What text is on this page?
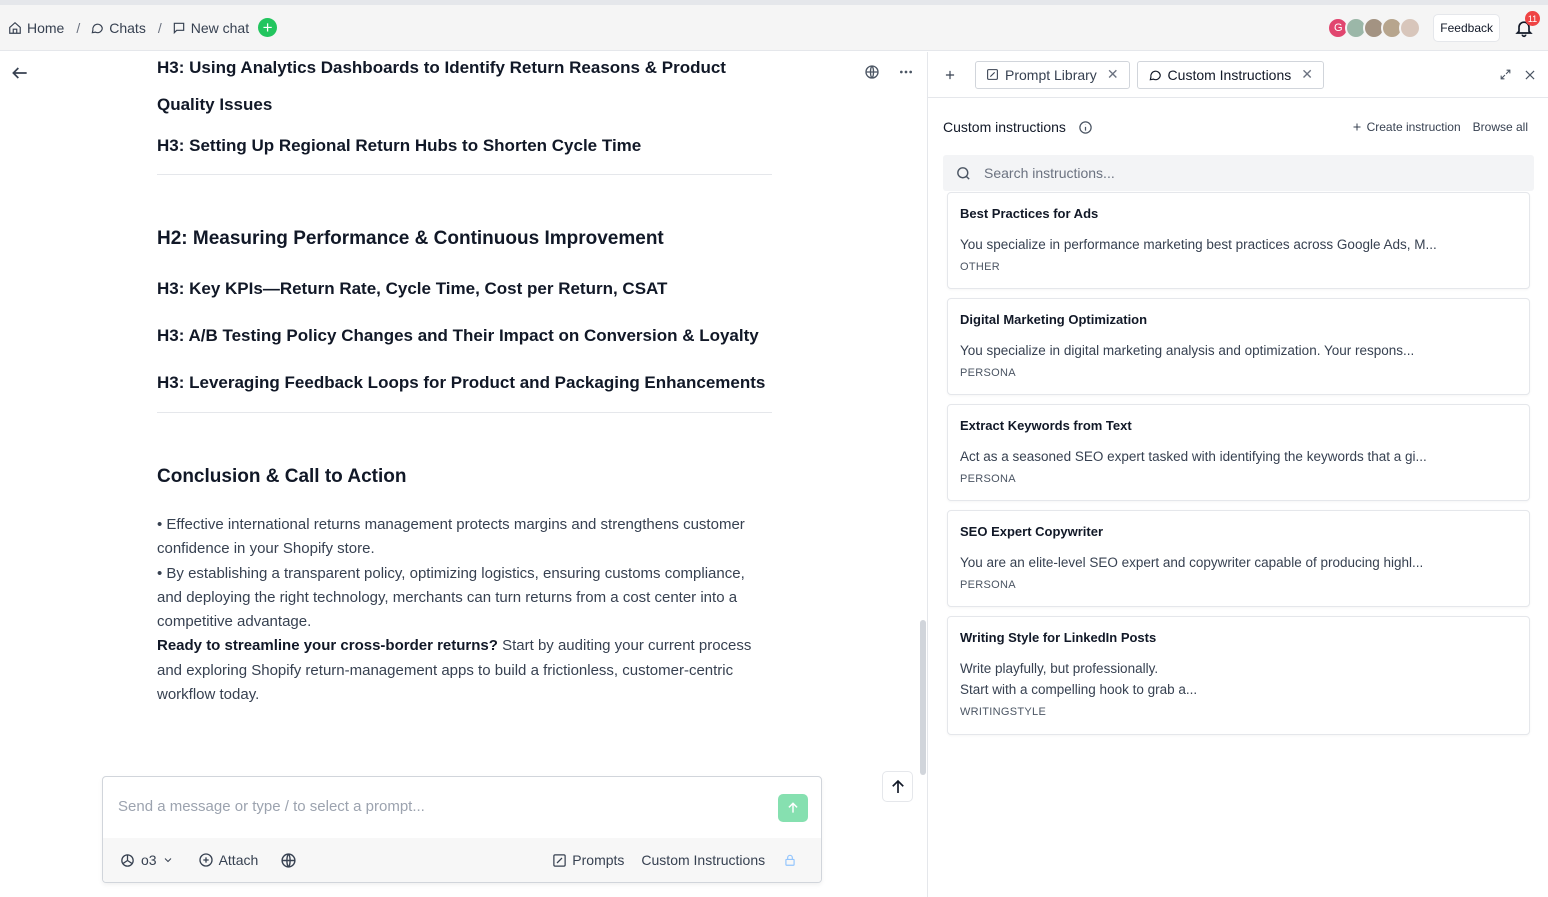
Home / Chats / New chat +	G	Feedback
11
H3: Using Analytics Dashboards to Identify Return Reasons & Product Quality Issues
H3: Setting Up Regional Return Hubs to Shorten Cycle Time
H2: Measuring Performance & Continuous Improvement
H3: Key KPIs—Return Rate, Cycle Time, Cost per Return, CSAT
H3: A/B Testing Policy Changes and Their Impact on Conversion & Loyalty
H3: Leveraging Feedback Loops for Product and Packaging Enhancements
Conclusion & Call to Action
• Effective international returns management protects margins and strengthens customer confidence in your Shopify store.
• By establishing a transparent policy, optimizing logistics, ensuring customs compliance, and deploying the right technology, merchants can turn returns from a cost center into a competitive advantage.
Ready to streamline your cross-border returns? Start by auditing your current process and exploring Shopify return-management apps to build a frictionless, customer-centric workflow today.
Send a message or type / to select a prompt...
o3	Attach	Prompts Custom Instructions
Prompt Library ✕	Custom Instructions ✕
Custom instructions	Create instruction Browse all
Search instructions...
Best Practices for Ads
You specialize in performance marketing best practices across Google Ads, M...
OTHER
Digital Marketing Optimization
You specialize in digital marketing analysis and optimization. Your respons...
PERSONA
Extract Keywords from Text
Act as a seasoned SEO expert tasked with identifying the keywords that a gi...
PERSONA
SEO Expert Copywriter
You are an elite-level SEO expert and copywriter capable of producing highl...
PERSONA
Writing Style for LinkedIn Posts
Write playfully, but professionally.
Start with a compelling hook to grab a...
WRITINGSTYLE
